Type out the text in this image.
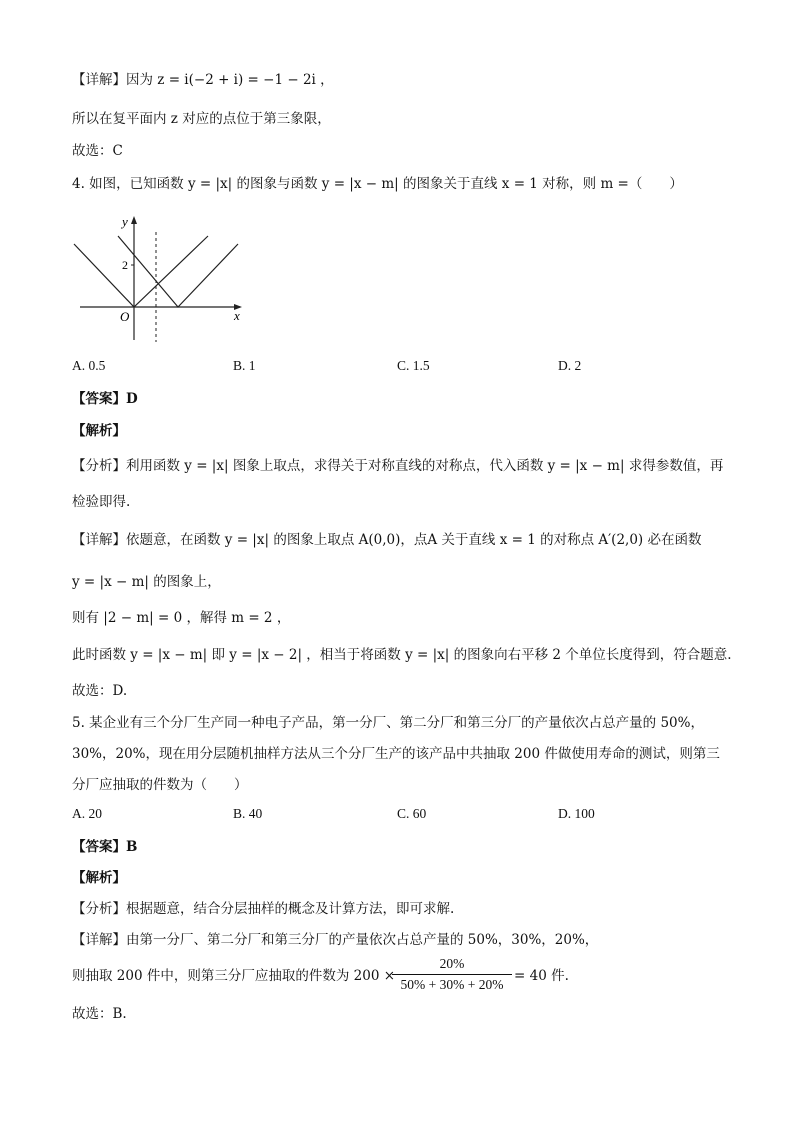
【详解】因为 z = i(−2 + i) = −1 − 2i ，
所以在复平面内 z 对应的点位于第三象限，
故选：C
4. 如图，已知函数 y = |x| 的图象与函数 y = |x − m| 的图象关于直线 x = 1 对称，则 m =（　　）
2
y
x
O
A. 0.5	B. 1	C. 1.5	D. 2
【答案】D
【解析】
【分析】利用函数 y = |x| 图象上取点，求得关于对称直线的对称点，代入函数 y = |x − m| 求得参数值，再
检验即得.
【详解】依题意，在函数 y = |x| 的图象上取点 A(0,0)，点A 关于直线 x = 1 的对称点 A′(2,0) 必在函数
y = |x − m| 的图象上，
则有 |2 − m| = 0 ，解得 m = 2 ，
此时函数 y = |x − m| 即 y = |x − 2| ，相当于将函数 y = |x| 的图象向右平移 2 个单位长度得到，符合题意.
故选：D.
5. 某企业有三个分厂生产同一种电子产品，第一分厂、第二分厂和第三分厂的产量依次占总产量的 50%，
30%，20%，现在用分层随机抽样方法从三个分厂生产的该产品中共抽取 200 件做使用寿命的测试，则第三
分厂应抽取的件数为（　　）
A. 20	B. 40	C. 60	D. 100
【答案】B
【解析】
【分析】根据题意，结合分层抽样的概念及计算方法，即可求解.
【详解】由第一分厂、第二分厂和第三分厂的产量依次占总产量的 50%，30%，20%，
则抽取 200 件中，则第三分厂应抽取的件数为 200 ×
$\frac{20\%}{50\% + 30\% + 20\%} = 40$ 件.
故选：B.
